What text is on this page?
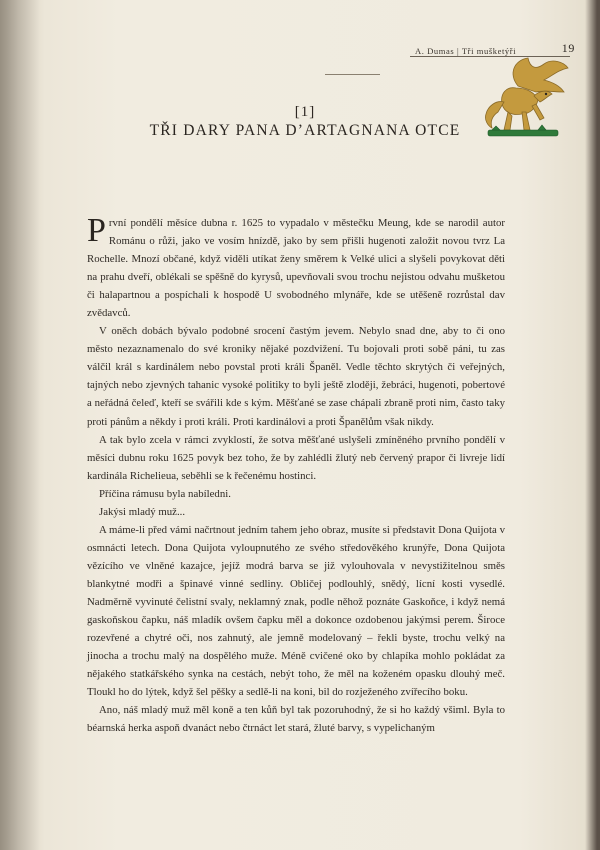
A. Dumas | Tři mušketýři	19
[1]
TŘI DARY PANA D’ARTAGNANA OTCE

První pondělí měsíce dubna r. 1625 to vypadalo v městečku Meung, kde se narodil autor Románu o růži, jako ve vosím hnízdě, jako by sem přišli hugenoti založit novou tvrz La Rochelle. Mnozí občané, když viděli utíkat ženy směrem k Velké ulici a slyšeli povykovat děti na prahu dveří, oblékali se spěšně do kyrysů, upevňovali svou trochu nejistou odvahu mušketou či halapartnou a pospíchali k hospodě U svobodného mlynáře, kde se utěšeně rozrůstal dav zvědavců.

V oněch dobách bývalo podobné srocení častým jevem. Nebylo snad dne, aby to či ono město nezaznamenalo do své kroniky nějaké pozdvižení. Tu bojovali proti sobě páni, tu zas válčil král s kardinálem nebo povstal proti králi Španěl. Vedle těchto skrytých či veřejných, tajných nebo zjevných tahanic vysoké politiky to byli ještě zloději, žebráci, hugenoti, pobertové a neřádná čeleď, kteří se svářili kde s kým. Měšťané se zase chápali zbraně proti nim, často taky proti pánům a někdy i proti králi. Proti kardinálovi a proti Španělům však nikdy.

A tak bylo zcela v rámci zvyklostí, že sotva měšťané uslyšeli zmíněného prvního pondělí v měsíci dubnu roku 1625 povyk bez toho, že by zahlédli žlutý neb červený prapor či livreje lidí kardinála Richelieua, seběhli se k řečenému hostinci.

Příčina rámusu byla nabíledni.

Jakýsi mladý muž...

A máme-li před vámi načrtnout jedním tahem jeho obraz, musíte si představit Dona Quijota v osmnácti letech. Dona Quijota vyloupnutého ze svého středověkého krunýře, Dona Quijota vězícího ve vlněné kazajce, jejíž modrá barva se již vylouhovala v nevystižitelnou směs blankytné modři a špinavé vinné sedliny. Obličej podlouhlý, snědý, lícní kosti vysedlé. Nadměrně vyvinuté čelistní svaly, neklamný znak, podle něhož poznáte Gaskoňce, i když nemá gaskoňskou čapku, náš mladík ovšem čapku měl a dokonce ozdobenou jakýmsi perem. Široce rozevřené a chytré oči, nos zahnutý, ale jemně modelovaný – řekli byste, trochu velký na jinocha a trochu malý na dospělého muže. Méně cvičené oko by chlapíka mohlo pokládat za nějakého statkářského synka na cestách, nebýt toho, že měl na koženém opasku dlouhý meč. Tloukl ho do lýtek, když šel pěšky a sedlě-li na koni, bil do rozježeného zvířecího boku.

Ano, náš mladý muž měl koně a ten kůň byl tak pozoruhodný, že si ho každý všiml. Byla to béarnská herka aspoň dvanáct nebo čtrnáct let stará, žluté barvy, s vypelichaným
